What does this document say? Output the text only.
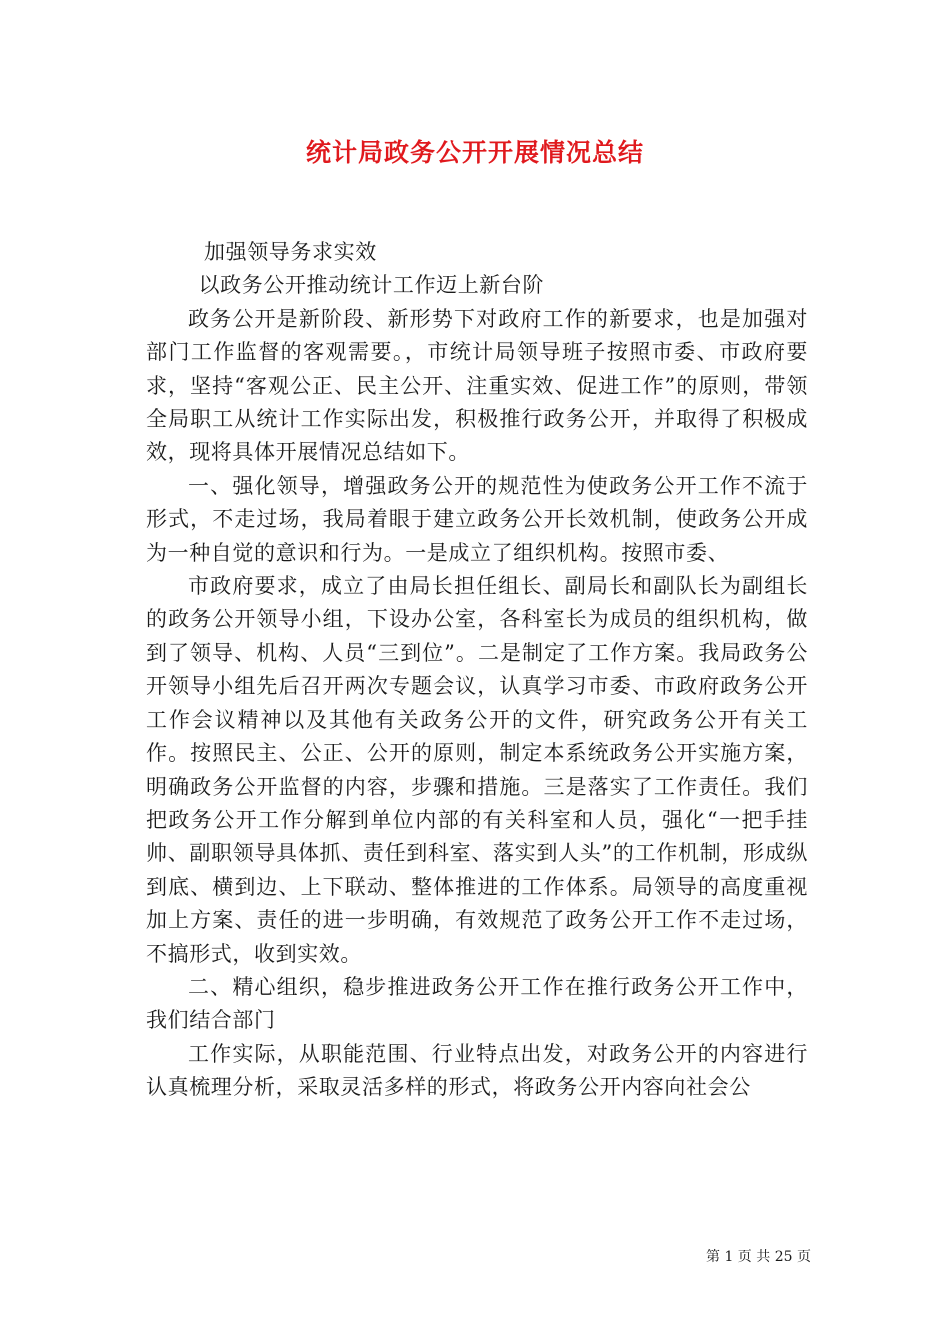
统计局政务公开开展情况总结

加强领导务求实效

以政务公开推动统计工作迈上新台阶

政务公开是新阶段、新形势下对政府工作的新要求，也是加强对部门工作监督的客观需要。，市统计局领导班子按照市委、市政府要求，坚持“客观公正、民主公开、注重实效、促进工作”的原则，带领全局职工从统计工作实际出发，积极推行政务公开，并取得了积极成效，现将具体开展情况总结如下。

一、强化领导，增强政务公开的规范性为使政务公开工作不流于形式，不走过场，我局着眼于建立政务公开长效机制，使政务公开成为一种自觉的意识和行为。一是成立了组织机构。按照市委、

市政府要求，成立了由局长担任组长、副局长和副队长为副组长的政务公开领导小组，下设办公室，各科室长为成员的组织机构，做到了领导、机构、人员“三到位”。二是制定了工作方案。我局政务公开领导小组先后召开两次专题会议，认真学习市委、市政府政务公开工作会议精神以及其他有关政务公开的文件，研究政务公开有关工作。按照民主、公正、公开的原则，制定本系统政务公开实施方案，明确政务公开监督的内容，步骤和措施。三是落实了工作责任。我们把政务公开工作分解到单位内部的有关科室和人员，强化“一把手挂帅、副职领导具体抓、责任到科室、落实到人头”的工作机制，形成纵到底、横到边、上下联动、整体推进的工作体系。局领导的高度重视加上方案、责任的进一步明确，有效规范了政务公开工作不走过场，不搞形式，收到实效。

二、精心组织，稳步推进政务公开工作在推行政务公开工作中，我们结合部门

工作实际，从职能范围、行业特点出发，对政务公开的内容进行认真梳理分析，采取灵活多样的形式，将政务公开内容向社会公

第 1 页 共 25 页
